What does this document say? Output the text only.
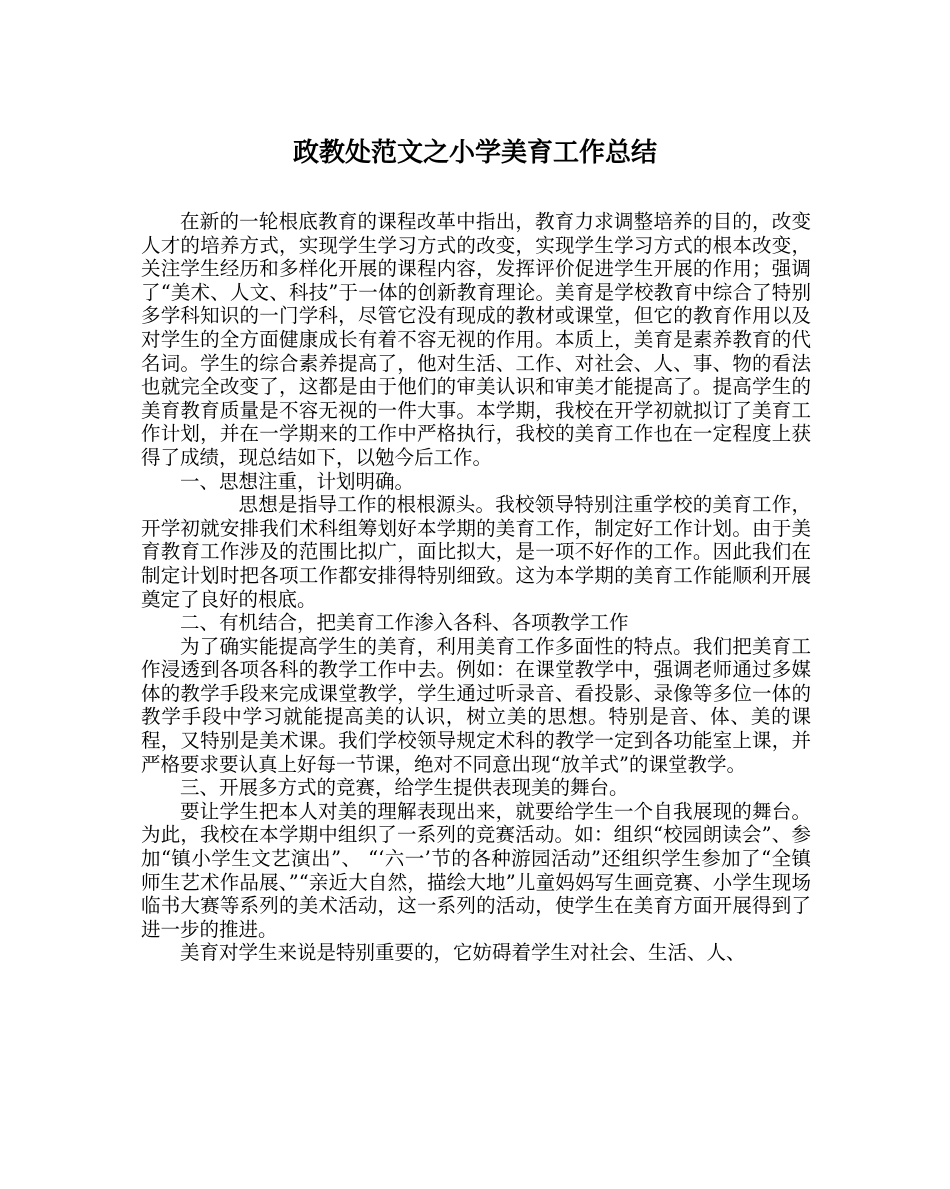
政教处范文之小学美育工作总结

在新的一轮根底教育的课程改革中指出，教育力求调整培养的目的，改变人才的培养方式，实现学生学习方式的改变，实现学生学习方式的根本改变，关注学生经历和多样化开展的课程内容，发挥评价促进学生开展的作用；强调了“美术、人文、科技”于一体的创新教育理论。美育是学校教育中综合了特别多学科知识的一门学科，尽管它没有现成的教材或课堂，但它的教育作用以及对学生的全方面健康成长有着不容无视的作用。本质上，美育是素养教育的代名词。学生的综合素养提高了，他对生活、工作、对社会、人、事、物的看法也就完全改变了，这都是由于他们的审美认识和审美才能提高了。提高学生的美育教育质量是不容无视的一件大事。本学期，我校在开学初就拟订了美育工作计划，并在一学期来的工作中严格执行，我校的美育工作也在一定程度上获得了成绩，现总结如下，以勉今后工作。

一、思想注重，计划明确。

思想是指导工作的根根源头。我校领导特别注重学校的美育工作，开学初就安排我们术科组筹划好本学期的美育工作，制定好工作计划。由于美育教育工作涉及的范围比拟广，面比拟大，是一项不好作的工作。因此我们在制定计划时把各项工作都安排得特别细致。这为本学期的美育工作能顺利开展奠定了良好的根底。

二、有机结合，把美育工作渗入各科、各项教学工作

为了确实能提高学生的美育，利用美育工作多面性的特点。我们把美育工作浸透到各项各科的教学工作中去。例如：在课堂教学中，强调老师通过多媒体的教学手段来完成课堂教学，学生通过听录音、看投影、录像等多位一体的教学手段中学习就能提高美的认识，树立美的思想。特别是音、体、美的课程，又特别是美术课。我们学校领导规定术科的教学一定到各功能室上课，并严格要求要认真上好每一节课，绝对不同意出现“放羊式”的课堂教学。

三、开展多方式的竞赛，给学生提供表现美的舞台。

要让学生把本人对美的理解表现出来，就要给学生一个自我展现的舞台。为此，我校在本学期中组织了一系列的竞赛活动。如：组织“校园朗读会”、参加“镇小学生文艺演出”、 “‘六一’节的各种游园活动”还组织学生参加了“全镇师生艺术作品展、”“亲近大自然，描绘大地”儿童妈妈写生画竞赛、小学生现场临书大赛等系列的美术活动，这一系列的活动，使学生在美育方面开展得到了进一步的推进。

美育对学生来说是特别重要的，它妨碍着学生对社会、生活、人、
